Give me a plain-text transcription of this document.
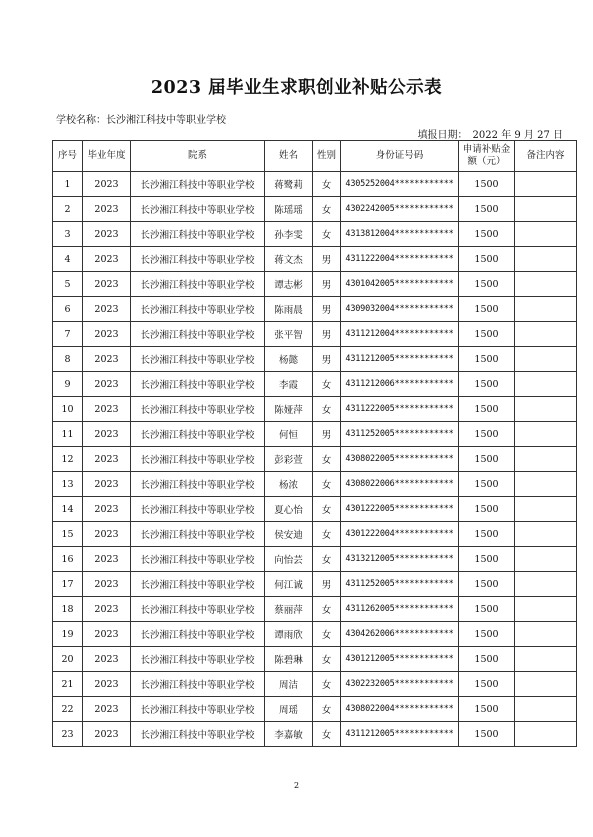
2023 届毕业生求职创业补贴公示表
学校名称：长沙湘江科技中等职业学校
填报日期：　2022 年 9 月 27 日
序号	毕业年度	院系	姓名	性别	身份证号码	申请补贴金额（元）	备注内容
1	2023	长沙湘江科技中等职业学校	蒋鹭莉	女	4305252004************	1500	
2	2023	长沙湘江科技中等职业学校	陈瑶瑶	女	4302242005************	1500	
3	2023	长沙湘江科技中等职业学校	孙李雯	女	4313812004************	1500	
4	2023	长沙湘江科技中等职业学校	蒋文杰	男	4311222004************	1500	
5	2023	长沙湘江科技中等职业学校	谭志彬	男	4301042005************	1500	
6	2023	长沙湘江科技中等职业学校	陈雨晨	男	4309032004************	1500	
7	2023	长沙湘江科技中等职业学校	张平智	男	4311212004************	1500	
8	2023	长沙湘江科技中等职业学校	杨懿	男	4311212005************	1500	
9	2023	长沙湘江科技中等职业学校	李霞	女	4311212006************	1500	
10	2023	长沙湘江科技中等职业学校	陈娅萍	女	4311222005************	1500	
11	2023	长沙湘江科技中等职业学校	何恒	男	4311252005************	1500	
12	2023	长沙湘江科技中等职业学校	彭彩萱	女	4308022005************	1500	
13	2023	长沙湘江科技中等职业学校	杨浓	女	4308022006************	1500	
14	2023	长沙湘江科技中等职业学校	夏心怡	女	4301222005************	1500	
15	2023	长沙湘江科技中等职业学校	侯安迪	女	4301222004************	1500	
16	2023	长沙湘江科技中等职业学校	向怡芸	女	4313212005************	1500	
17	2023	长沙湘江科技中等职业学校	何江诚	男	4311252005************	1500	
18	2023	长沙湘江科技中等职业学校	蔡丽萍	女	4311262005************	1500	
19	2023	长沙湘江科技中等职业学校	谭雨欣	女	4304262006************	1500	
20	2023	长沙湘江科技中等职业学校	陈碧琳	女	4301212005************	1500	
21	2023	长沙湘江科技中等职业学校	周洁	女	4302232005************	1500	
22	2023	长沙湘江科技中等职业学校	周瑶	女	4308022004************	1500	
23	2023	长沙湘江科技中等职业学校	李嘉敏	女	4311212005************	1500	
2
